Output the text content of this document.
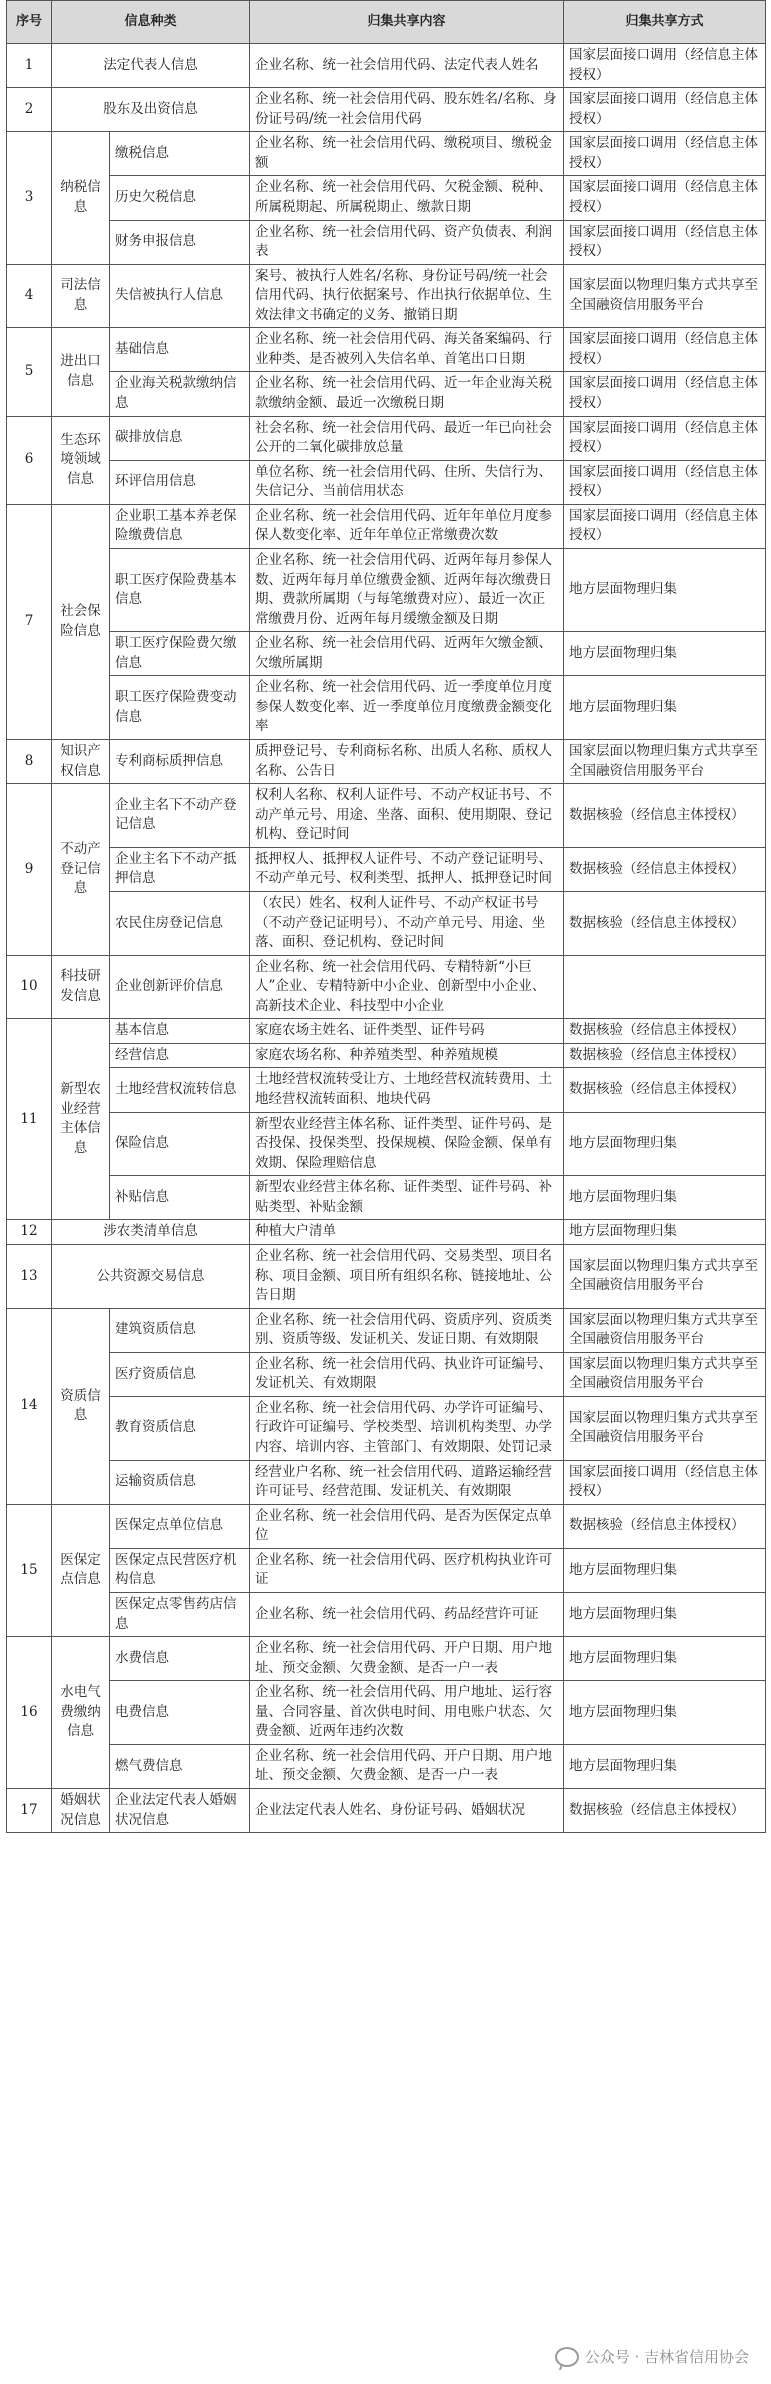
序号	信息种类		归集共享内容	归集共享方式
1	法定代表人信息		企业名称、统一社会信用代码、法定代表人姓名	国家层面接口调用（经信息主体授权）
2	股东及出资信息		企业名称、统一社会信用代码、股东姓名/名称、身份证号码/统一社会信用代码	国家层面接口调用（经信息主体授权）
3	纳税信息	缴税信息	企业名称、统一社会信用代码、缴税项目、缴税金额	国家层面接口调用（经信息主体授权）
		历史欠税信息	企业名称、统一社会信用代码、欠税金额、税种、所属税期起、所属税期止、缴款日期	国家层面接口调用（经信息主体授权）
		财务申报信息	企业名称、统一社会信用代码、资产负债表、利润表	国家层面接口调用（经信息主体授权）
4	司法信息	失信被执行人信息	案号、被执行人姓名/名称、身份证号码/统一社会信用代码、执行依据案号、作出执行依据单位、生效法律文书确定的义务、撤销日期	国家层面以物理归集方式共享至全国融资信用服务平台
5	进出口信息	基础信息	企业名称、统一社会信用代码、海关备案编码、行业种类、是否被列入失信名单、首笔出口日期	国家层面接口调用（经信息主体授权）
		企业海关税款缴纳信息	企业名称、统一社会信用代码、近一年企业海关税款缴纳金额、最近一次缴税日期	国家层面接口调用（经信息主体授权）
6	生态环境领域信息	碳排放信息	社会名称、统一社会信用代码、最近一年已向社会公开的二氧化碳排放总量	国家层面接口调用（经信息主体授权）
		环评信用信息	单位名称、统一社会信用代码、住所、失信行为、失信记分、当前信用状态	国家层面接口调用（经信息主体授权）
7	社会保险信息	企业职工基本养老保险缴费信息	企业名称、统一社会信用代码、近年年单位月度参保人数变化率、近年年单位正常缴费次数	国家层面接口调用（经信息主体授权）
		职工医疗保险费基本信息	企业名称、统一社会信用代码、近两年每月参保人数、近两年每月单位缴费金额、近两年每次缴费日期、费款所属期（与每笔缴费对应）、最近一次正常缴费月份、近两年每月缓缴金额及日期	地方层面物理归集
		职工医疗保险费欠缴信息	企业名称、统一社会信用代码、近两年欠缴金额、欠缴所属期	地方层面物理归集
		职工医疗保险费变动信息	企业名称、统一社会信用代码、近一季度单位月度参保人数变化率、近一季度单位月度缴费金额变化率	地方层面物理归集
8	知识产权信息	专利商标质押信息	质押登记号、专利商标名称、出质人名称、质权人名称、公告日	国家层面以物理归集方式共享至全国融资信用服务平台
9	不动产登记信息	企业主名下不动产登记信息	权利人名称、权利人证件号、不动产权证书号、不动产单元号、用途、坐落、面积、使用期限、登记机构、登记时间	数据核验（经信息主体授权）
		企业主名下不动产抵押信息	抵押权人、抵押权人证件号、不动产登记证明号、不动产单元号、权利类型、抵押人、抵押登记时间	数据核验（经信息主体授权）
		农民住房登记信息	（农民）姓名、权利人证件号、不动产权证书号（不动产登记证明号）、不动产单元号、用途、坐落、面积、登记机构、登记时间	数据核验（经信息主体授权）
10	科技研发信息	企业创新评价信息	企业名称、统一社会信用代码、专精特新“小巨人”企业、专精特新中小企业、创新型中小企业、高新技术企业、科技型中小企业	
11	新型农业经营主体信息	基本信息	家庭农场主姓名、证件类型、证件号码	数据核验（经信息主体授权）
		经营信息	家庭农场名称、种养殖类型、种养殖规模	数据核验（经信息主体授权）
		土地经营权流转信息	土地经营权流转受让方、土地经营权流转费用、土地经营权流转面积、地块代码	数据核验（经信息主体授权）
		保险信息	新型农业经营主体名称、证件类型、证件号码、是否投保、投保类型、投保规模、保险金额、保单有效期、保险理赔信息	地方层面物理归集
		补贴信息	新型农业经营主体名称、证件类型、证件号码、补贴类型、补贴金额	地方层面物理归集
12	涉农类清单信息		种植大户清单	地方层面物理归集
13	公共资源交易信息		企业名称、统一社会信用代码、交易类型、项目名称、项目金额、项目所有组织名称、链接地址、公告日期	国家层面以物理归集方式共享至全国融资信用服务平台
14	资质信息	建筑资质信息	企业名称、统一社会信用代码、资质序列、资质类别、资质等级、发证机关、发证日期、有效期限	国家层面以物理归集方式共享至全国融资信用服务平台
		医疗资质信息	企业名称、统一社会信用代码、执业许可证编号、发证机关、有效期限	国家层面以物理归集方式共享至全国融资信用服务平台
		教育资质信息	企业名称、统一社会信用代码、办学许可证编号、行政许可证编号、学校类型、培训机构类型、办学内容、培训内容、主管部门、有效期限、处罚记录	国家层面以物理归集方式共享至全国融资信用服务平台
		运输资质信息	经营业户名称、统一社会信用代码、道路运输经营许可证号、经营范围、发证机关、有效期限	国家层面接口调用（经信息主体授权）
15	医保定点信息	医保定点单位信息	企业名称、统一社会信用代码、是否为医保定点单位	数据核验（经信息主体授权）
		医保定点民营医疗机构信息	企业名称、统一社会信用代码、医疗机构执业许可证	地方层面物理归集
		医保定点零售药店信息	企业名称、统一社会信用代码、药品经营许可证	地方层面物理归集
16	水电气费缴纳信息	水费信息	企业名称、统一社会信用代码、开户日期、用户地址、预交金额、欠费金额、是否一户一表	地方层面物理归集
		电费信息	企业名称、统一社会信用代码、用户地址、运行容量、合同容量、首次供电时间、用电账户状态、欠费金额、近两年违约次数	地方层面物理归集
		燃气费信息	企业名称、统一社会信用代码、开户日期、用户地址、预交金额、欠费金额、是否一户一表	地方层面物理归集
17	婚姻状况信息	企业法定代表人婚姻状况信息	企业法定代表人姓名、身份证号码、婚姻状况	数据核验（经信息主体授权）
公众号 · 吉林省信用协会
